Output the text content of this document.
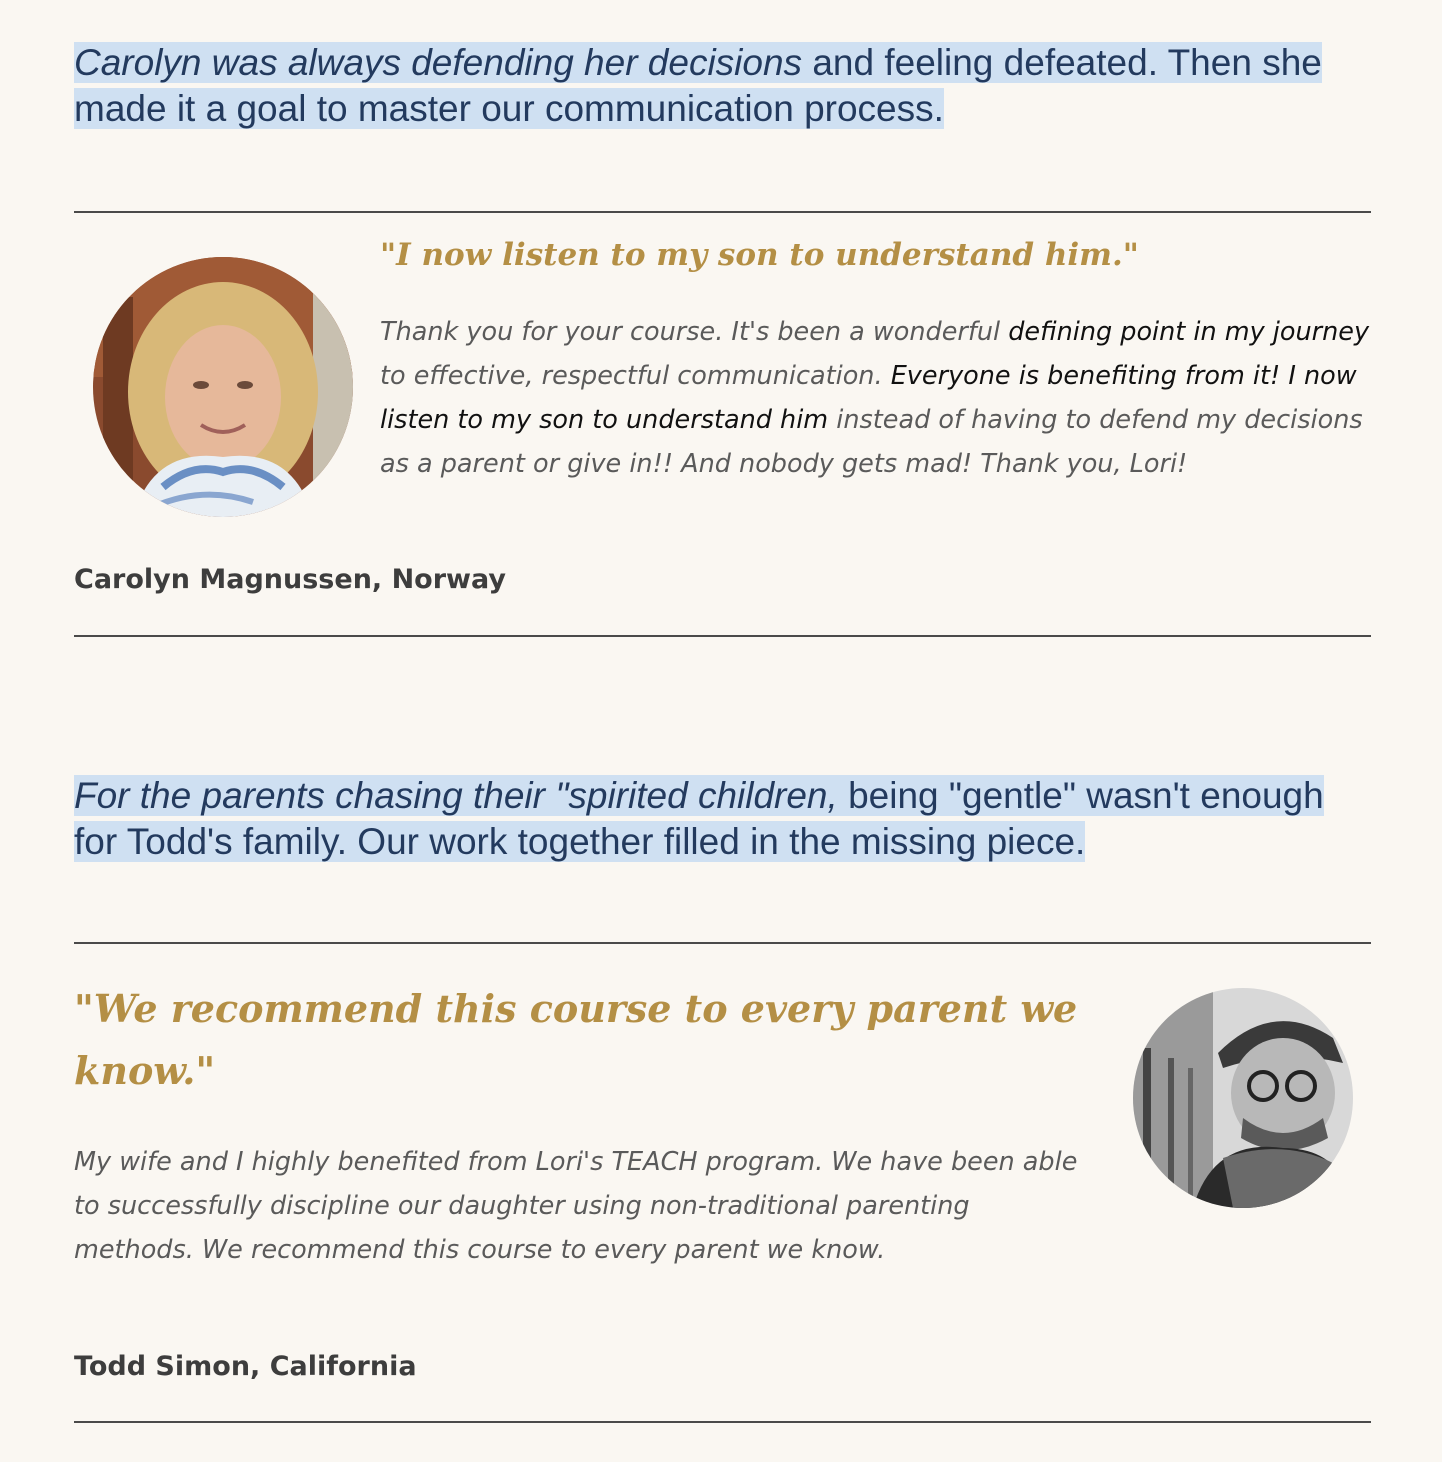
Carolyn was always defending her decisions and feeling defeated. Then she made it a goal to master our communication process.
"I now listen to my son to understand him."
Thank you for your course. It's been a wonderful defining point in my journey to effective, respectful communication. Everyone is benefiting from it! I now listen to my son to understand him instead of having to defend my decisions as a parent or give in!! And nobody gets mad! Thank you, Lori!
Carolyn Magnussen, Norway
For the parents chasing their "spirited children, being "gentle" wasn't enough for Todd's family. Our work together filled in the missing piece.
"We recommend this course to every parent we know."
My wife and I highly benefited from Lori's TEACH program. We have been able to successfully discipline our daughter using non-traditional parenting methods. We recommend this course to every parent we know.
Todd Simon, California
